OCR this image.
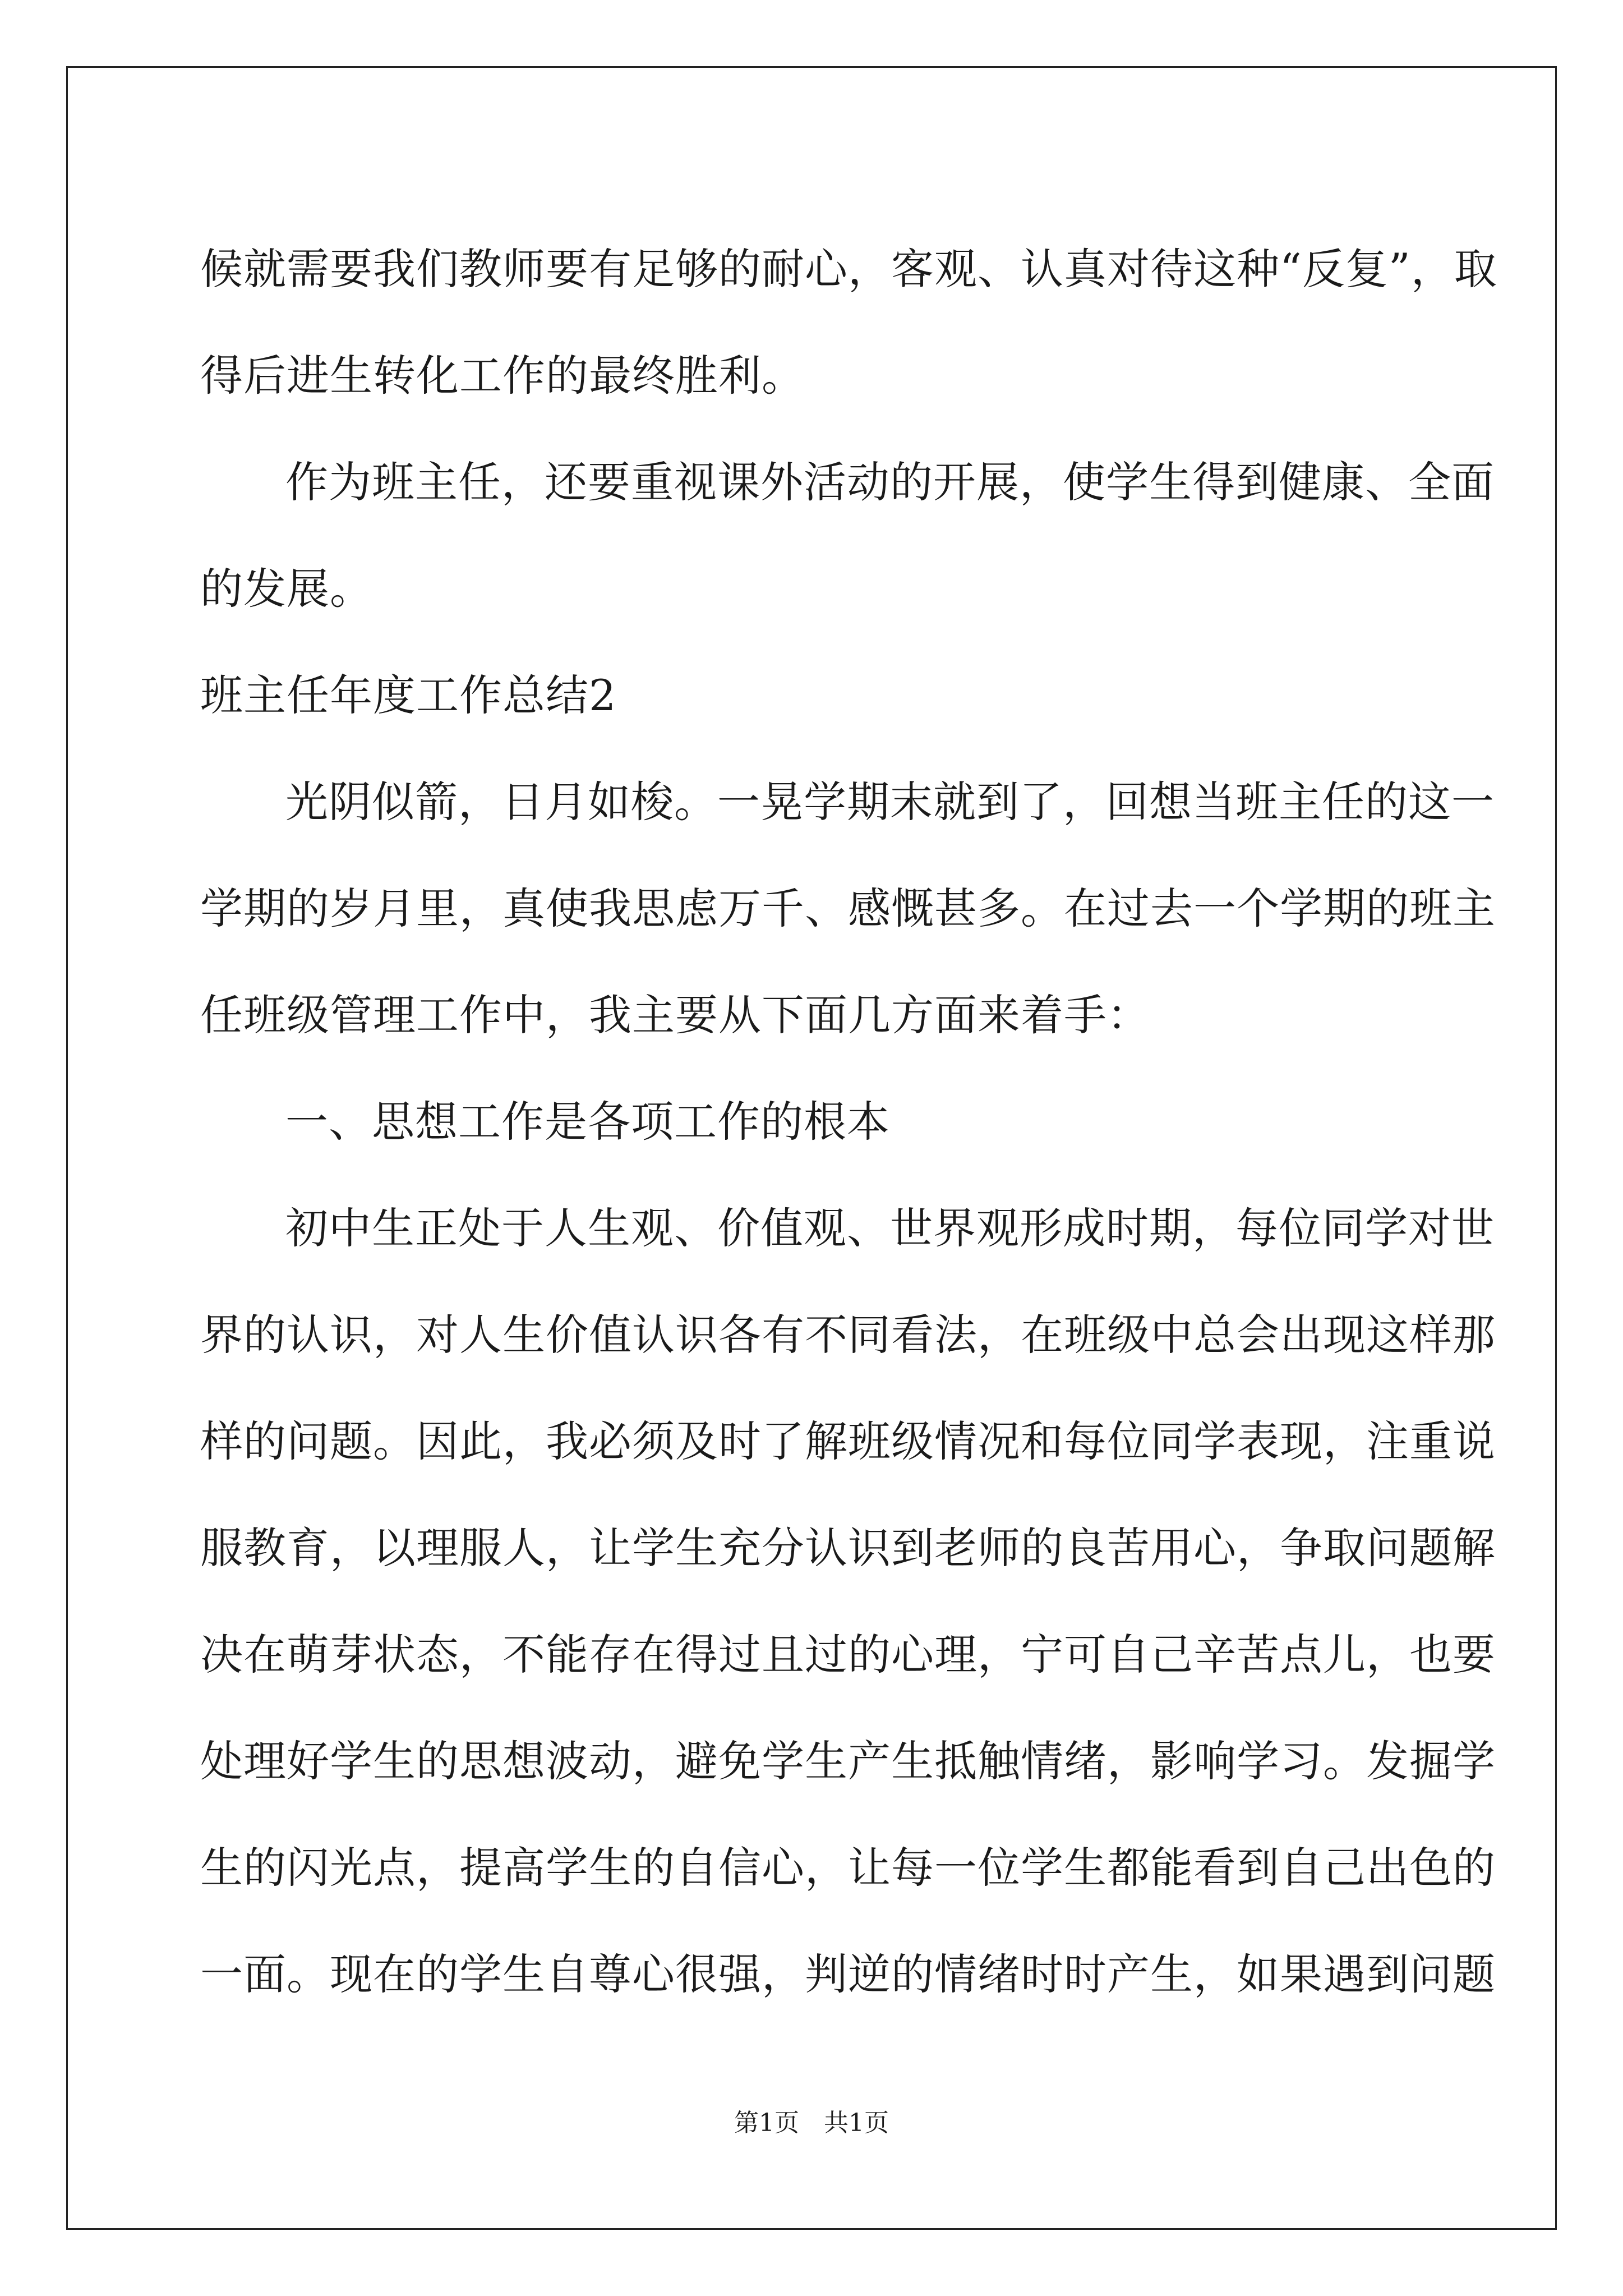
候就需要我们教师要有足够的耐心，客观、认真对待这种“反复”，取
得后进生转化工作的最终胜利。
作为班主任，还要重视课外活动的开展，使学生得到健康、全面
的发展。
班主任年度工作总结2
光阴似箭，日月如梭。一晃学期末就到了，回想当班主任的这一
学期的岁月里，真使我思虑万千、感慨甚多。在过去一个学期的班主
任班级管理工作中，我主要从下面几方面来着手：
一、思想工作是各项工作的根本
初中生正处于人生观、价值观、世界观形成时期，每位同学对世
界的认识，对人生价值认识各有不同看法，在班级中总会出现这样那
样的问题。因此，我必须及时了解班级情况和每位同学表现，注重说
服教育，以理服人，让学生充分认识到老师的良苦用心，争取问题解
决在萌芽状态，不能存在得过且过的心理，宁可自己辛苦点儿，也要
处理好学生的思想波动，避免学生产生抵触情绪，影响学习。发掘学
生的闪光点，提高学生的自信心，让每一位学生都能看到自己出色的
一面。现在的学生自尊心很强，判逆的情绪时时产生，如果遇到问题
第1页 共1页
